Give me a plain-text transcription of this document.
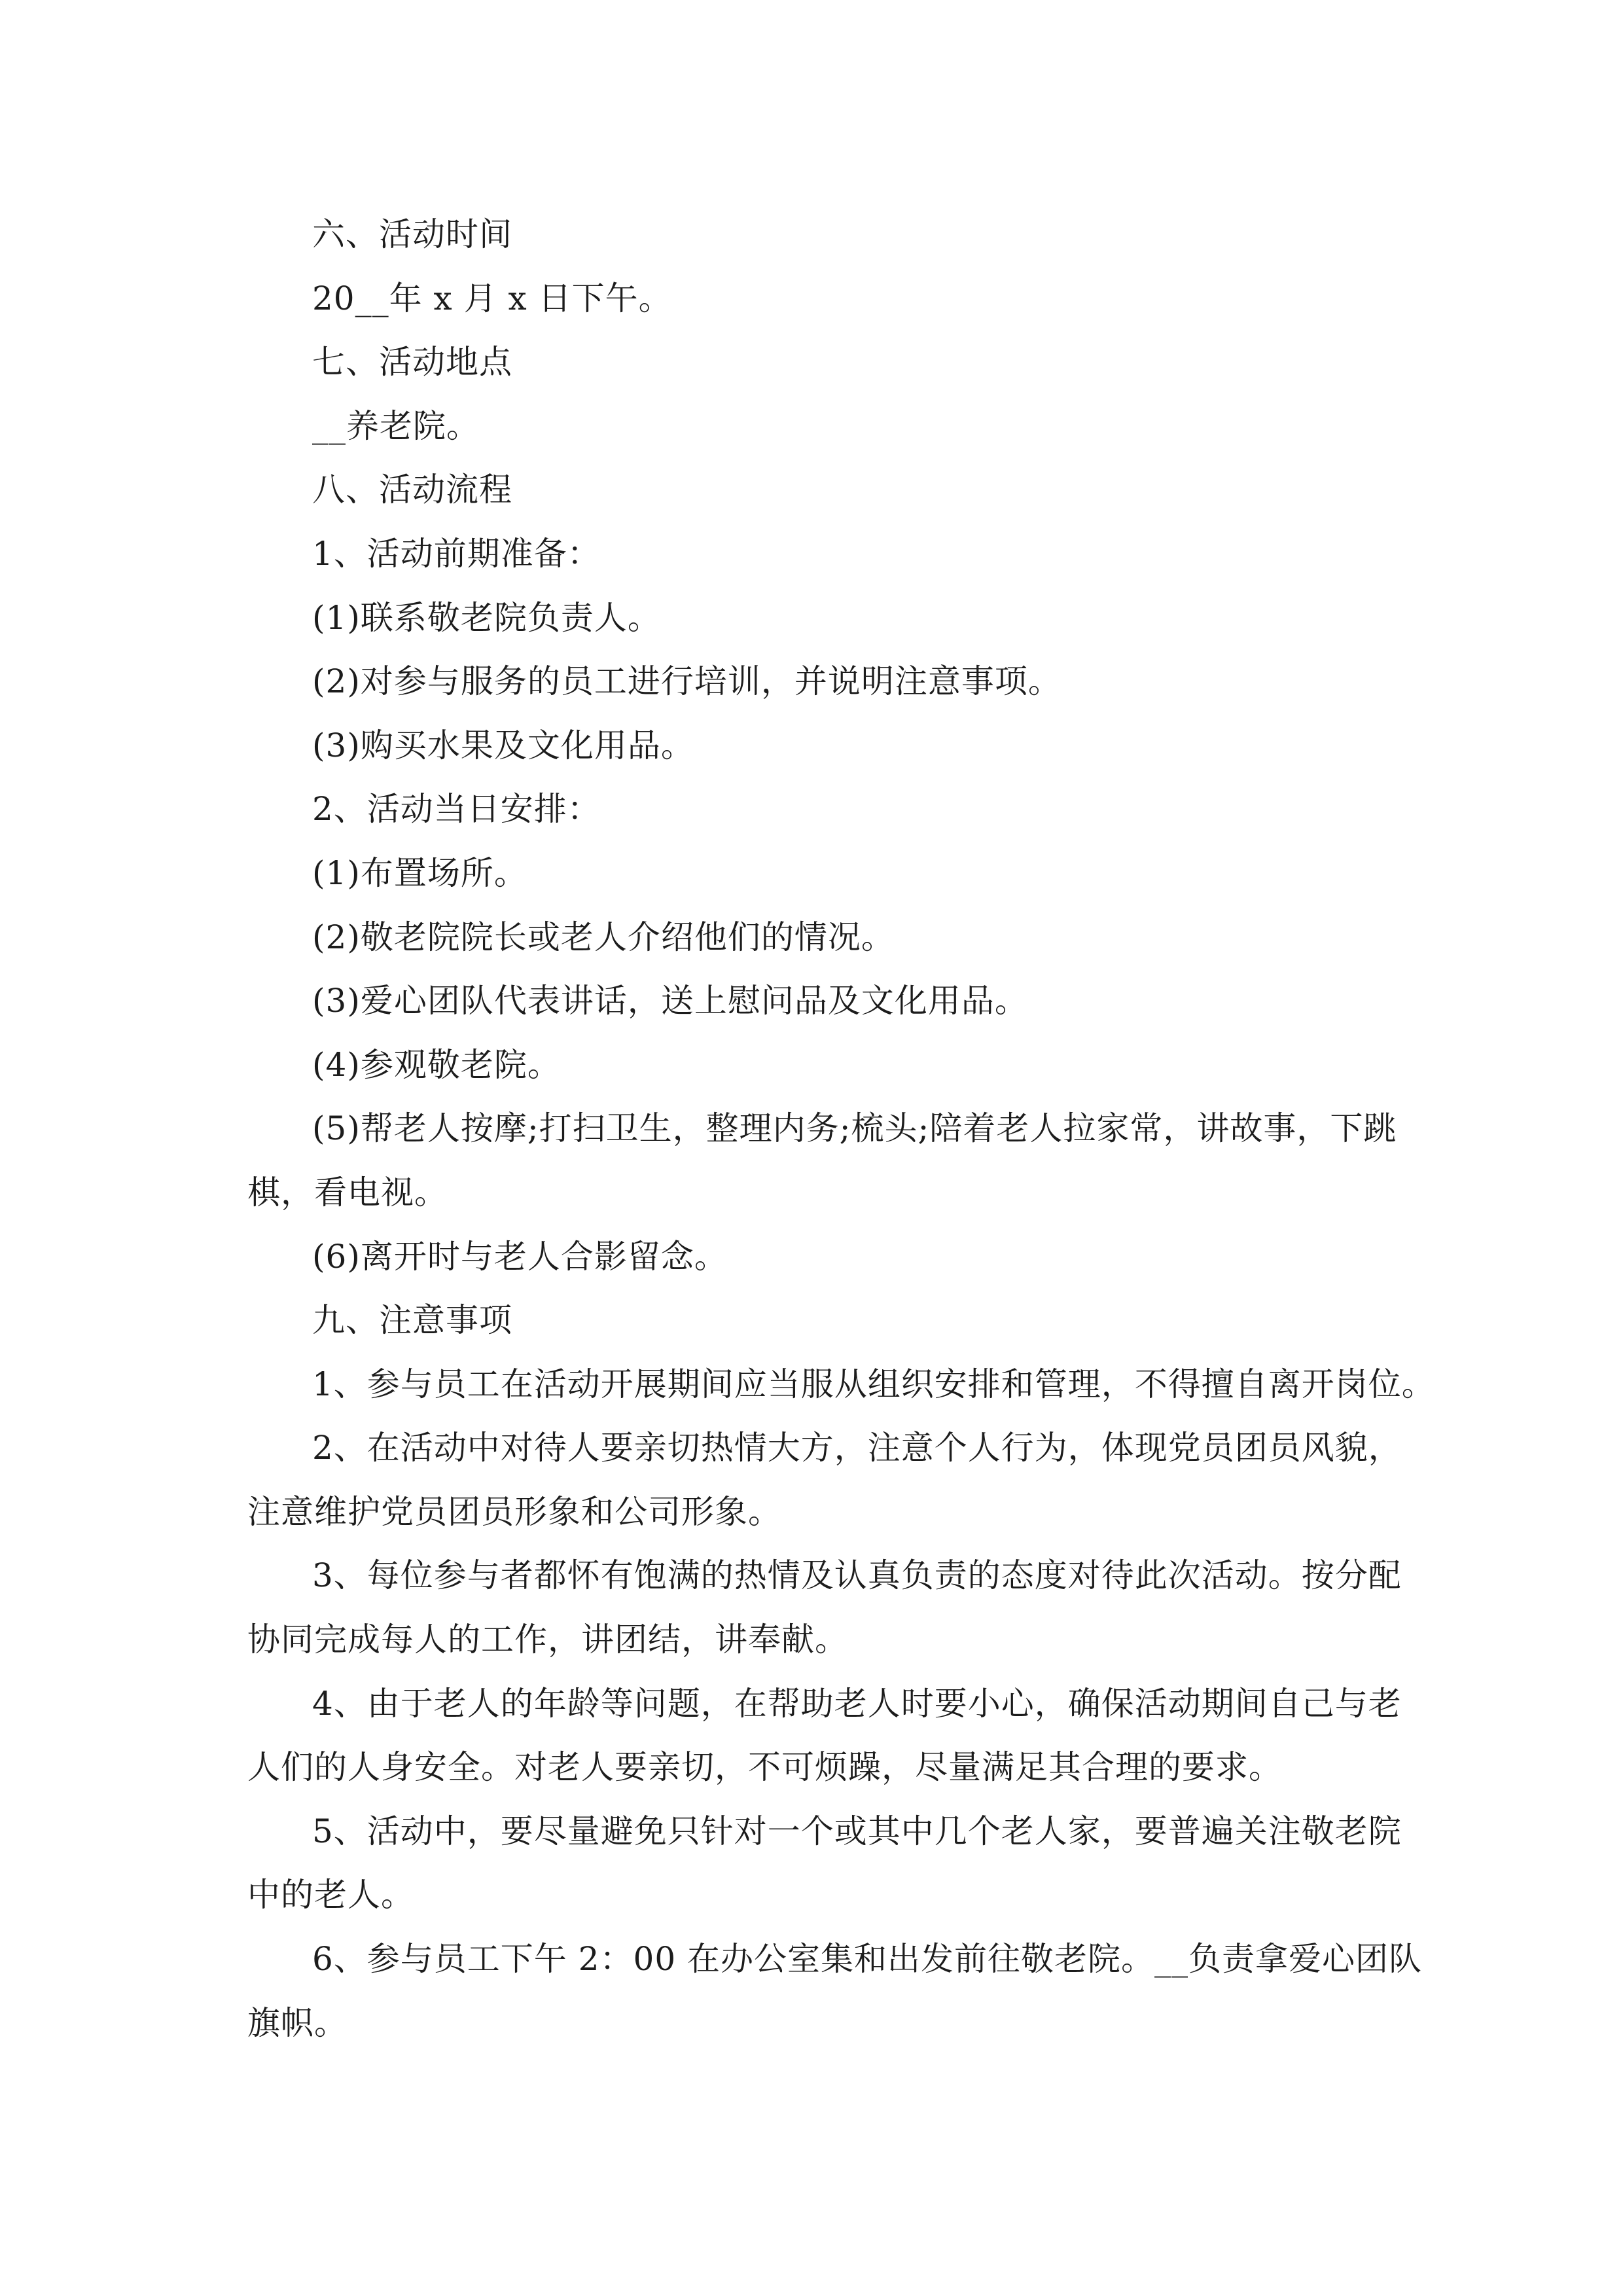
六、活动时间
20__年 x 月 x 日下午。
七、活动地点
__养老院。
八、活动流程
1、活动前期准备：
(1)联系敬老院负责人。
(2)对参与服务的员工进行培训，并说明注意事项。
(3)购买水果及文化用品。
2、活动当日安排：
(1)布置场所。
(2)敬老院院长或老人介绍他们的情况。
(3)爱心团队代表讲话，送上慰问品及文化用品。
(4)参观敬老院。
(5)帮老人按摩;打扫卫生，整理内务;梳头;陪着老人拉家常，讲故事，下跳
棋，看电视。
(6)离开时与老人合影留念。
九、注意事项
1、参与员工在活动开展期间应当服从组织安排和管理，不得擅自离开岗位。
2、在活动中对待人要亲切热情大方，注意个人行为，体现党员团员风貌，
注意维护党员团员形象和公司形象。
3、每位参与者都怀有饱满的热情及认真负责的态度对待此次活动。按分配
协同完成每人的工作，讲团结，讲奉献。
4、由于老人的年龄等问题，在帮助老人时要小心，确保活动期间自己与老
人们的人身安全。对老人要亲切，不可烦躁，尽量满足其合理的要求。
5、活动中，要尽量避免只针对一个或其中几个老人家，要普遍关注敬老院
中的老人。
6、参与员工下午 2：00 在办公室集和出发前往敬老院。__负责拿爱心团队
旗帜。
